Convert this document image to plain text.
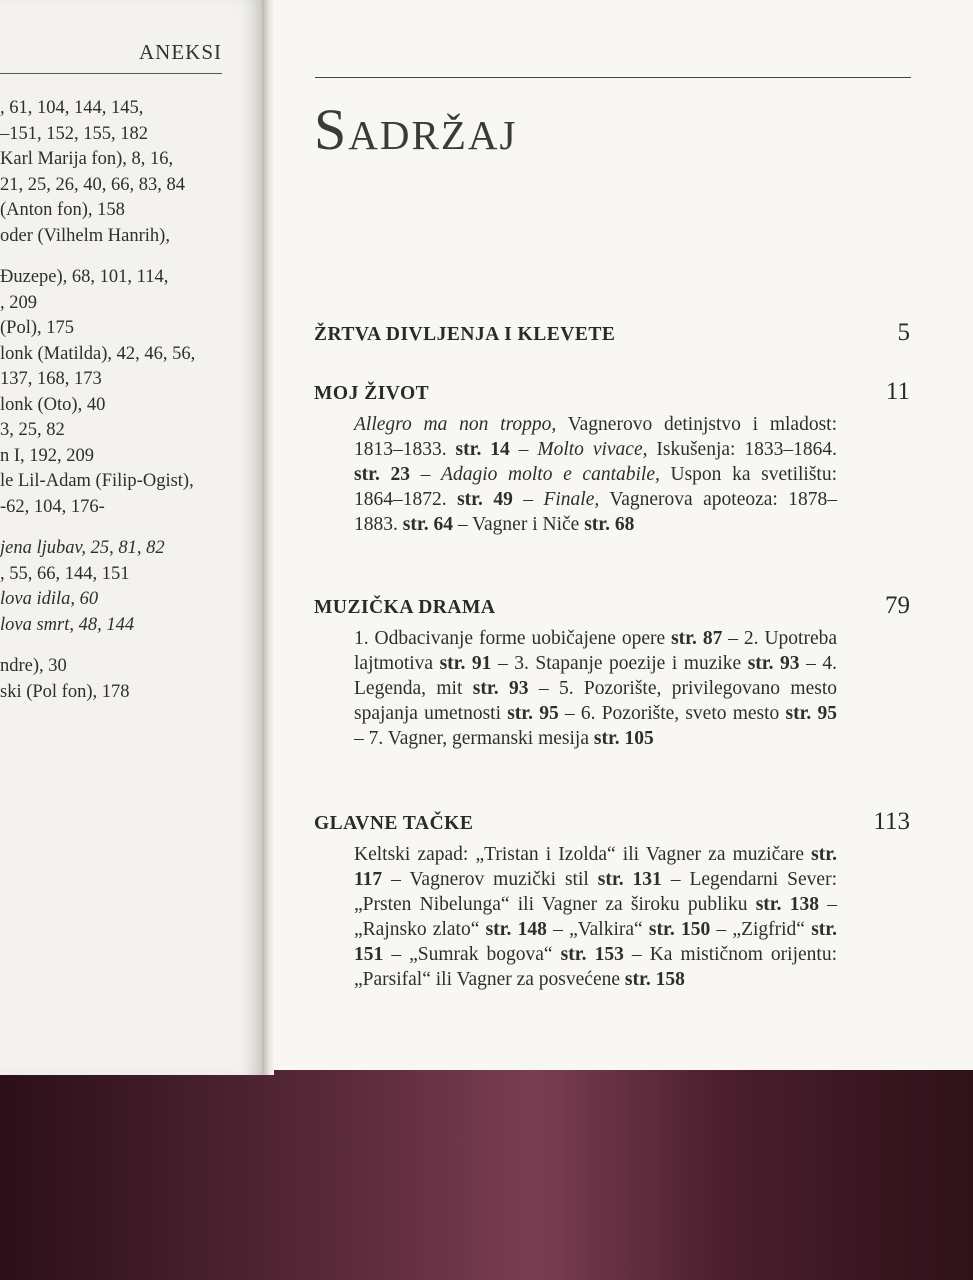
ANEKSI
, 61, 104, 144, 145,
–151, 152, 155, 182
Karl Marija fon), 8, 16,
21, 25, 26, 40, 66, 83, 84
(Anton fon), 158
oder (Vilhelm Hanrih),
Đuzepe), 68, 101, 114,
, 209
(Pol), 175
lonk (Matilda), 42, 46, 56,
137, 168, 173
lonk (Oto), 40
3, 25, 82
n I, 192, 209
le Lil-Adam (Filip-Ogist),
-62, 104, 176-
jena ljubav, 25, 81, 82
, 55, 66, 144, 151
lova idila, 60
lova smrt, 48, 144
ndre), 30
ski (Pol fon), 178
Sadržaj
ŽRTVA DIVLJENJA I KLEVETE	5
MOJ ŽIVOT	11
Allegro ma non troppo, Vagnerovo detinjstvo i mladost: 1813–1833. str. 14 – Molto vivace, Iskušenja: 1833–1864. str. 23 – Adagio molto e cantabile, Uspon ka svetilištu: 1864–1872. str. 49 – Finale, Vagnerova apoteoza: 1878–1883. str. 64 – Vagner i Niče str. 68
MUZIČKA DRAMA	79
1. Odbacivanje forme uobičajene opere str. 87 – 2. Upotreba lajtmotiva str. 91 – 3. Stapanje poezije i muzike str. 93 – 4. Legenda, mit str. 93 – 5. Pozorište, privilegovano mesto spajanja umetnosti str. 95 – 6. Pozorište, sveto mesto str. 95 – 7. Vagner, germanski mesija str. 105
GLAVNE TAČKE	113
Keltski zapad: „Tristan i Izolda“ ili Vagner za muzičare str. 117 – Vagnerov muzički stil str. 131 – Legendarni Sever: „Prsten Nibelunga“ ili Vagner za široku publiku str. 138 – „Rajnsko zlato“ str. 148 – „Valkira“ str. 150 – „Zigfrid“ str. 151 – „Sumrak bogova“ str. 153 – Ka mističnom orijentu: „Parsifal“ ili Vagner za posvećene str. 158
